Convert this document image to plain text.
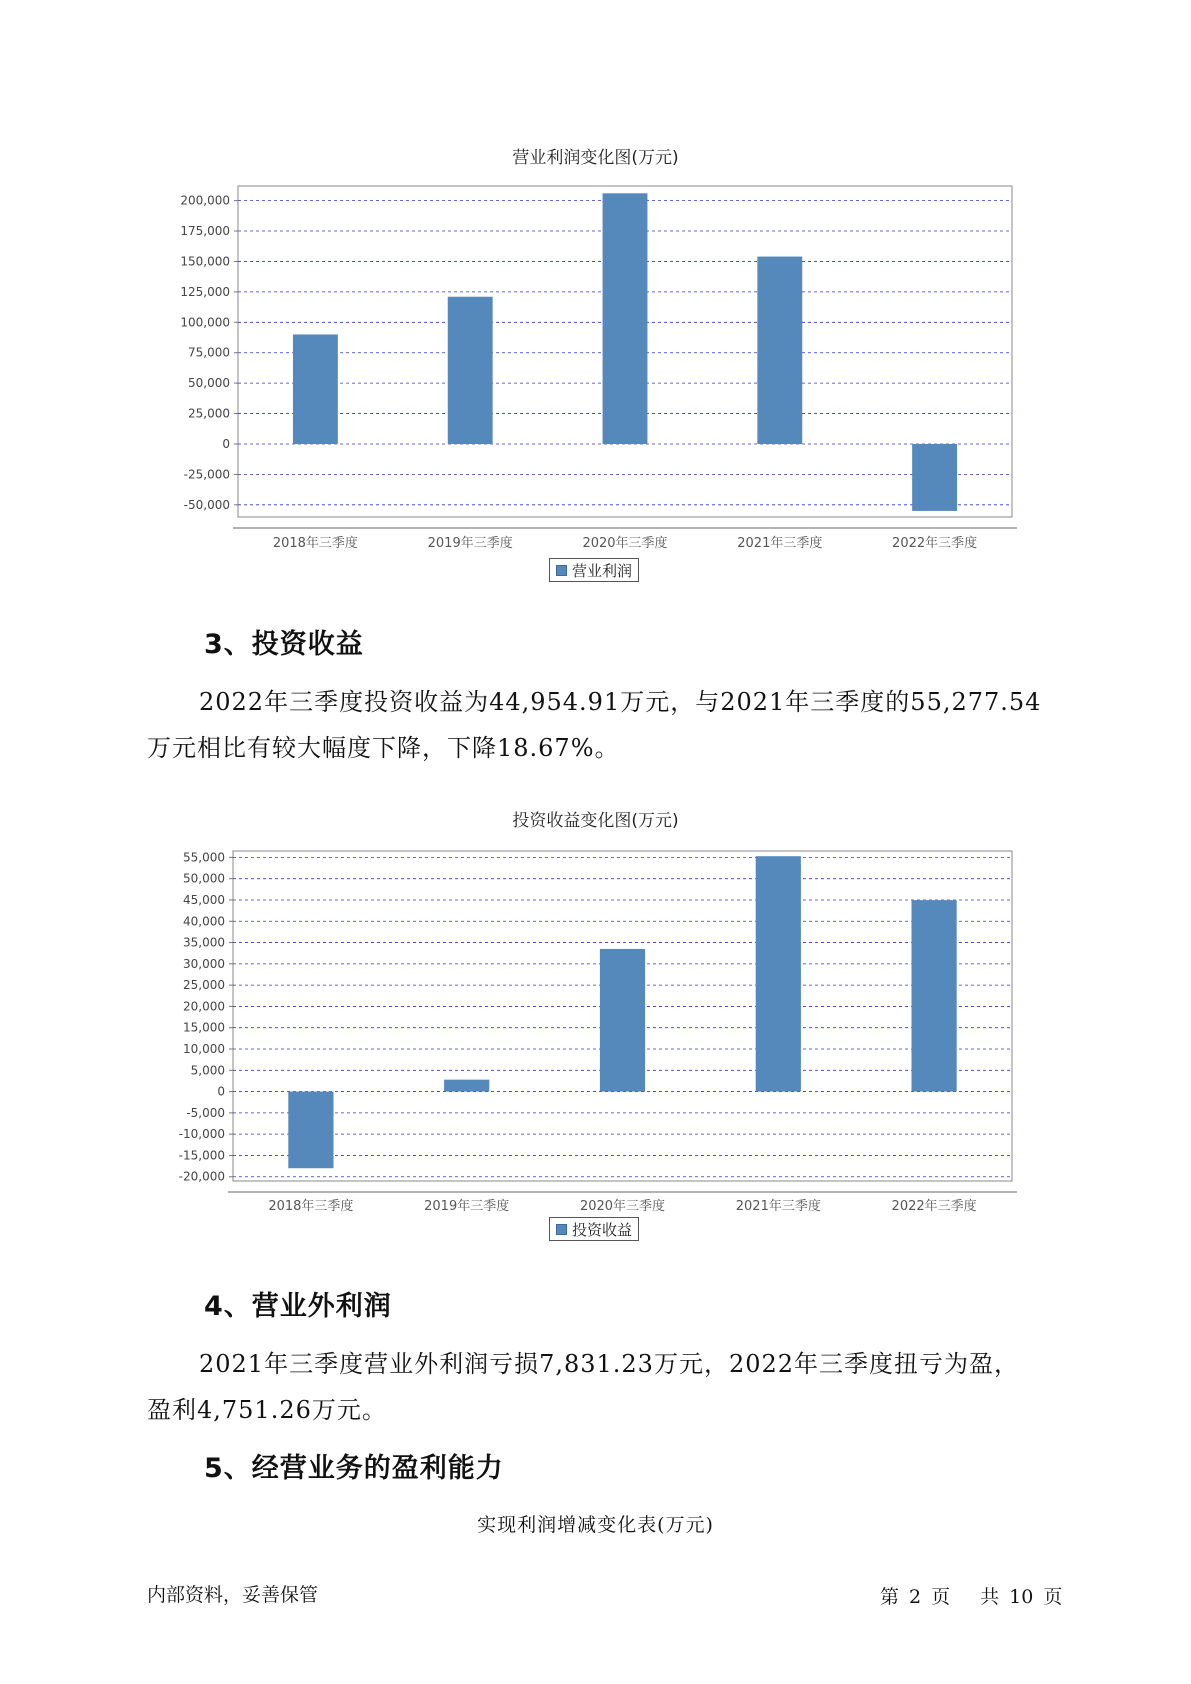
营业利润变化图(万元)
200,000
175,000
150,000
125,000
100,000
75,000
50,000
25,000
0
-25,000
-50,000
2018年三季度	2019年三季度	2020年三季度	2021年三季度	2022年三季度
营业利润
3、投资收益
2022年三季度投资收益为44,954.91万元，与2021年三季度的55,277.54
万元相比有较大幅度下降，下降18.67%。
投资收益变化图(万元)
55,000
50,000
45,000
40,000
35,000
30,000
25,000
20,000
15,000
10,000
5,000
0
-5,000
-10,000
-15,000
-20,000
2018年三季度	2019年三季度	2020年三季度	2021年三季度	2022年三季度
投资收益
4、营业外利润
2021年三季度营业外利润亏损7,831.23万元，2022年三季度扭亏为盈，
盈利4,751.26万元。
5、经营业务的盈利能力
实现利润增减变化表(万元)
内部资料，妥善保管	第 2 页 共 10 页
